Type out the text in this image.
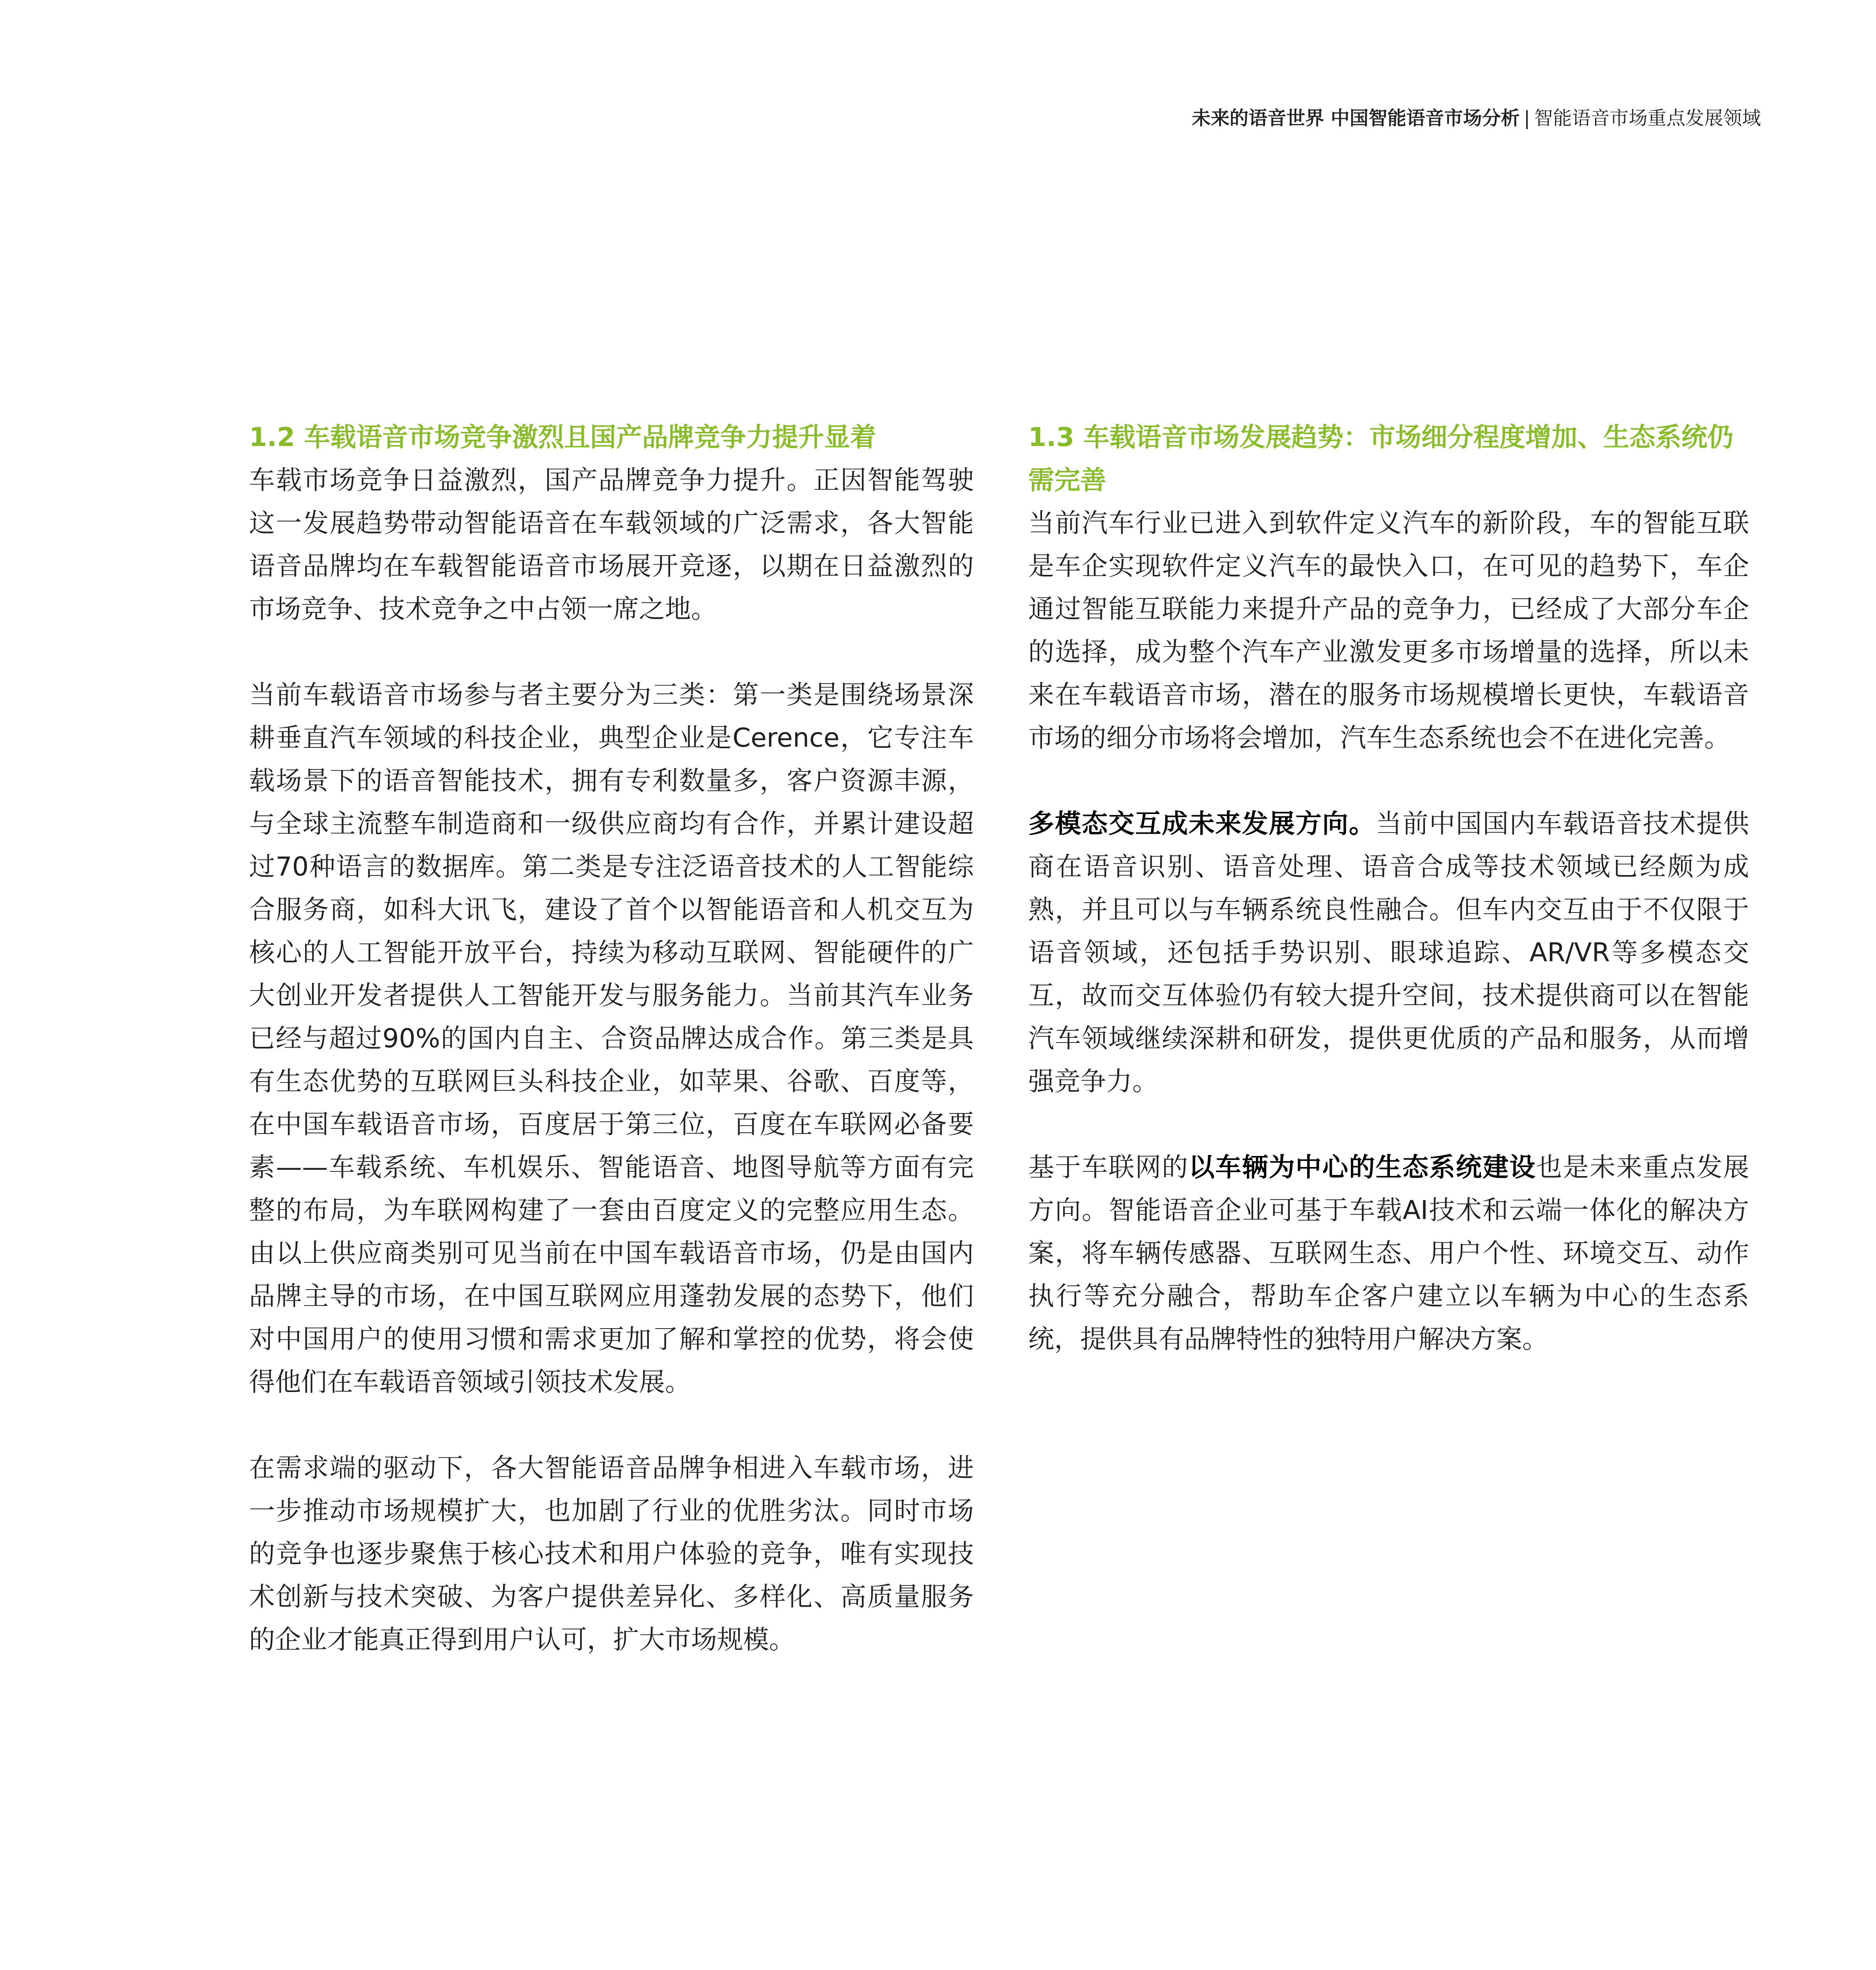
未来的语音世界 中国智能语音市场分析 | 智能语音市场重点发展领域

1.2 车载语音市场竞争激烈且国产品牌竞争力提升显着

车载市场竞争日益激烈，国产品牌竞争力提升。正因智能驾驶这一发展趋势带动智能语音在车载领域的广泛需求，各大智能语音品牌均在车载智能语音市场展开竞逐，以期在日益激烈的市场竞争、技术竞争之中占领一席之地。

当前车载语音市场参与者主要分为三类：第一类是围绕场景深耕垂直汽车领域的科技企业，典型企业是Cerence，它专注车载场景下的语音智能技术，拥有专利数量多，客户资源丰源，与全球主流整车制造商和一级供应商均有合作，并累计建设超过70种语言的数据库。第二类是专注泛语音技术的人工智能综合服务商，如科大讯飞，建设了首个以智能语音和人机交互为核心的人工智能开放平台，持续为移动互联网、智能硬件的广大创业开发者提供人工智能开发与服务能力。当前其汽车业务已经与超过90%的国内自主、合资品牌达成合作。第三类是具有生态优势的互联网巨头科技企业，如苹果、谷歌、百度等，在中国车载语音市场，百度居于第三位，百度在车联网必备要素——车载系统、车机娱乐、智能语音、地图导航等方面有完整的布局，为车联网构建了一套由百度定义的完整应用生态。由以上供应商类别可见当前在中国车载语音市场，仍是由国内品牌主导的市场，在中国互联网应用蓬勃发展的态势下，他们对中国用户的使用习惯和需求更加了解和掌控的优势，将会使得他们在车载语音领域引领技术发展。

在需求端的驱动下，各大智能语音品牌争相进入车载市场，进一步推动市场规模扩大，也加剧了行业的优胜劣汰。同时市场的竞争也逐步聚焦于核心技术和用户体验的竞争，唯有实现技术创新与技术突破、为客户提供差异化、多样化、高质量服务的企业才能真正得到用户认可，扩大市场规模。

1.3 车载语音市场发展趋势：市场细分程度增加、生态系统仍需完善

当前汽车行业已进入到软件定义汽车的新阶段，车的智能互联是车企实现软件定义汽车的最快入口，在可见的趋势下，车企通过智能互联能力来提升产品的竞争力，已经成了大部分车企的选择，成为整个汽车产业激发更多市场增量的选择，所以未来在车载语音市场，潜在的服务市场规模增长更快，车载语音市场的细分市场将会增加，汽车生态系统也会不在进化完善。

多模态交互成未来发展方向。当前中国国内车载语音技术提供商在语音识别、语音处理、语音合成等技术领域已经颇为成熟，并且可以与车辆系统良性融合。但车内交互由于不仅限于语音领域，还包括手势识别、眼球追踪、AR/VR等多模态交互，故而交互体验仍有较大提升空间，技术提供商可以在智能汽车领域继续深耕和研发，提供更优质的产品和服务，从而增强竞争力。

基于车联网的以车辆为中心的生态系统建设也是未来重点发展方向。智能语音企业可基于车载AI技术和云端一体化的解决方案，将车辆传感器、互联网生态、用户个性、环境交互、动作执行等充分融合，帮助车企客户建立以车辆为中心的生态系统，提供具有品牌特性的独特用户解决方案。
